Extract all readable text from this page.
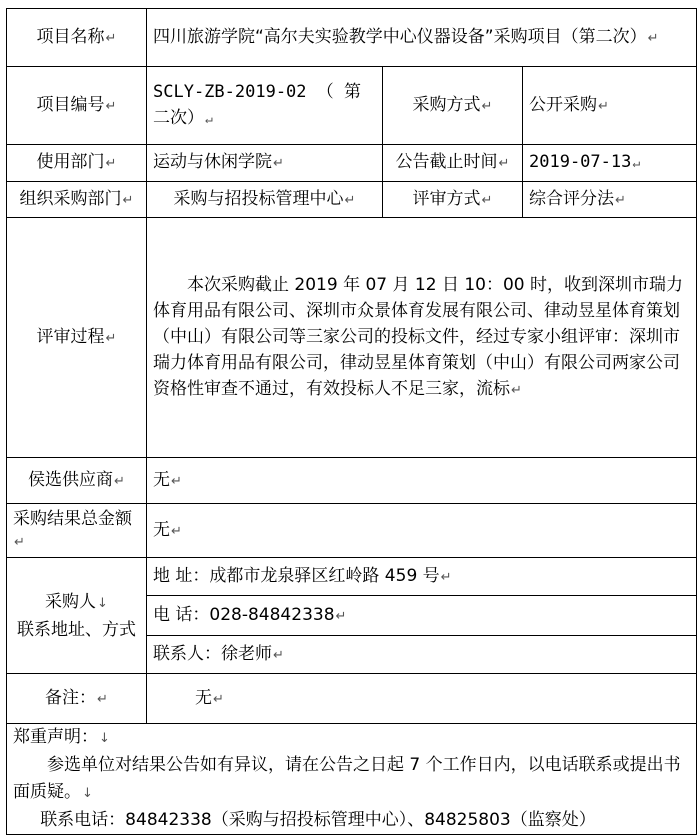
项目名称↵	四川旅游学院“高尔夫实验教学中心仪器设备”采购项目（第二次）↵		
项目编号↵	SCLY-ZB-2019-02 （ 第 二次）↵	采购方式↵	公开采购↵
使用部门↵	运动与休闲学院↵	公告截止时间↵	2019-07-13↵
组织采购部门↵	采购与招投标管理中心↵	评审方式↵	综合评分法↵
评审过程↵	本次采购截止 2019 年 07 月 12 日 10：00 时，收到深圳市瑞力体育用品有限公司、深圳市众景体育发展有限公司、律动昱星体育策划（中山）有限公司等三家公司的投标文件，经过专家小组评审：深圳市瑞力体育用品有限公司，律动昱星体育策划（中山）有限公司两家公司资格性审查不通过，有效投标人不足三家，流标↵		
侯选供应商↵	无↵		
采购结果总金额↵	无↵		

采购人↓
联系地址、方式	地 址：成都市龙泉驿区红岭路 459 号↵		
	电 话：028-84842338↵		
	联系人：徐老师↵		
备注：↵	无↵		

郑重声明：↓
参选单位对结果公告如有异议，请在公告之日起 7 个工作日内，以电话联系或提出书面质疑。↓
联系电话：84842338（采购与招投标管理中心）、84825803（监察处）			
